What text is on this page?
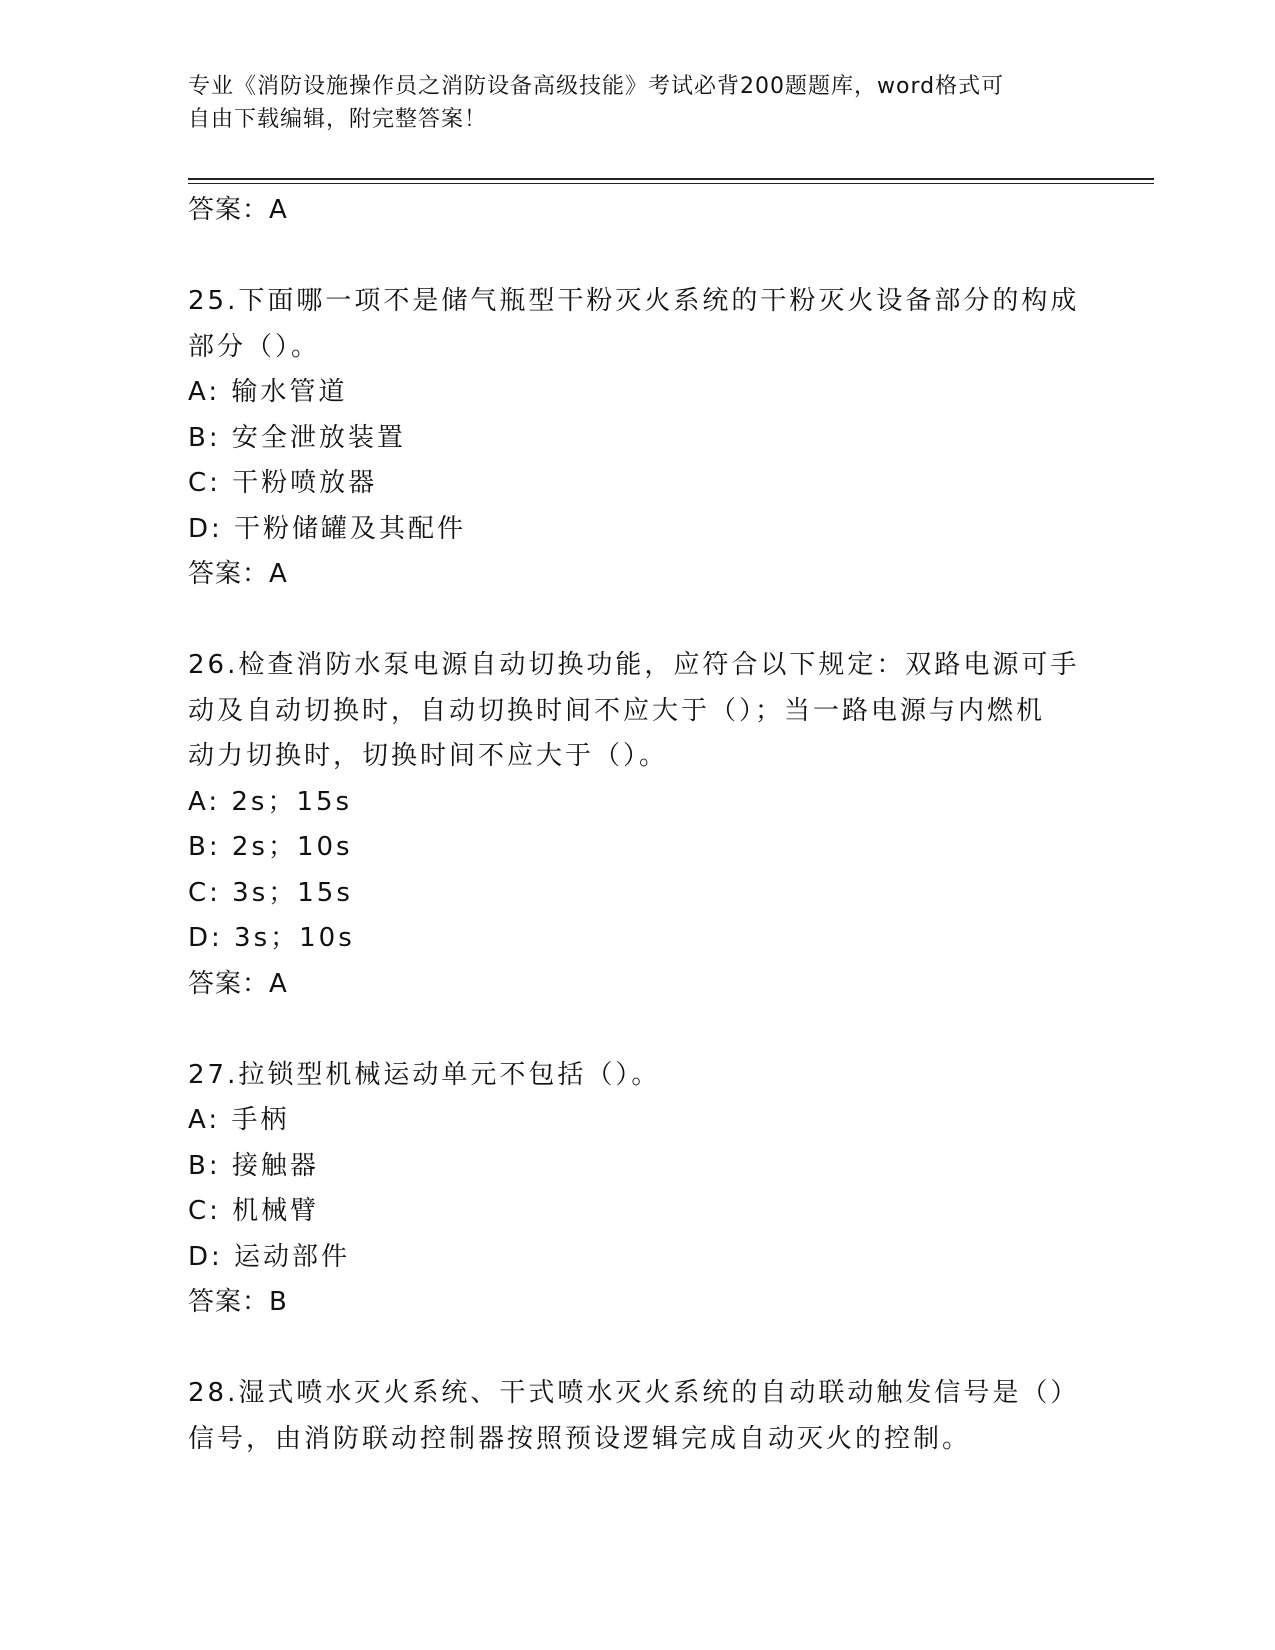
专业《消防设施操作员之消防设备高级技能》考试必背200题题库，word格式可
自由下载编辑，附完整答案！
答案：A
25.下面哪一项不是储气瓶型干粉灭火系统的干粉灭火设备部分的构成
部分（）。
A: 输水管道
B: 安全泄放装置
C: 干粉喷放器
D: 干粉储罐及其配件
答案：A
26.检查消防水泵电源自动切换功能，应符合以下规定：双路电源可手
动及自动切换时，自动切换时间不应大于（）；当一路电源与内燃机
动力切换时，切换时间不应大于（）。
A: 2s；15s
B: 2s；10s
C: 3s；15s
D: 3s；10s
答案：A
27.拉锁型机械运动单元不包括（）。
A: 手柄
B: 接触器
C: 机械臂
D: 运动部件
答案：B
28.湿式喷水灭火系统、干式喷水灭火系统的自动联动触发信号是（）
信号，由消防联动控制器按照预设逻辑完成自动灭火的控制。
